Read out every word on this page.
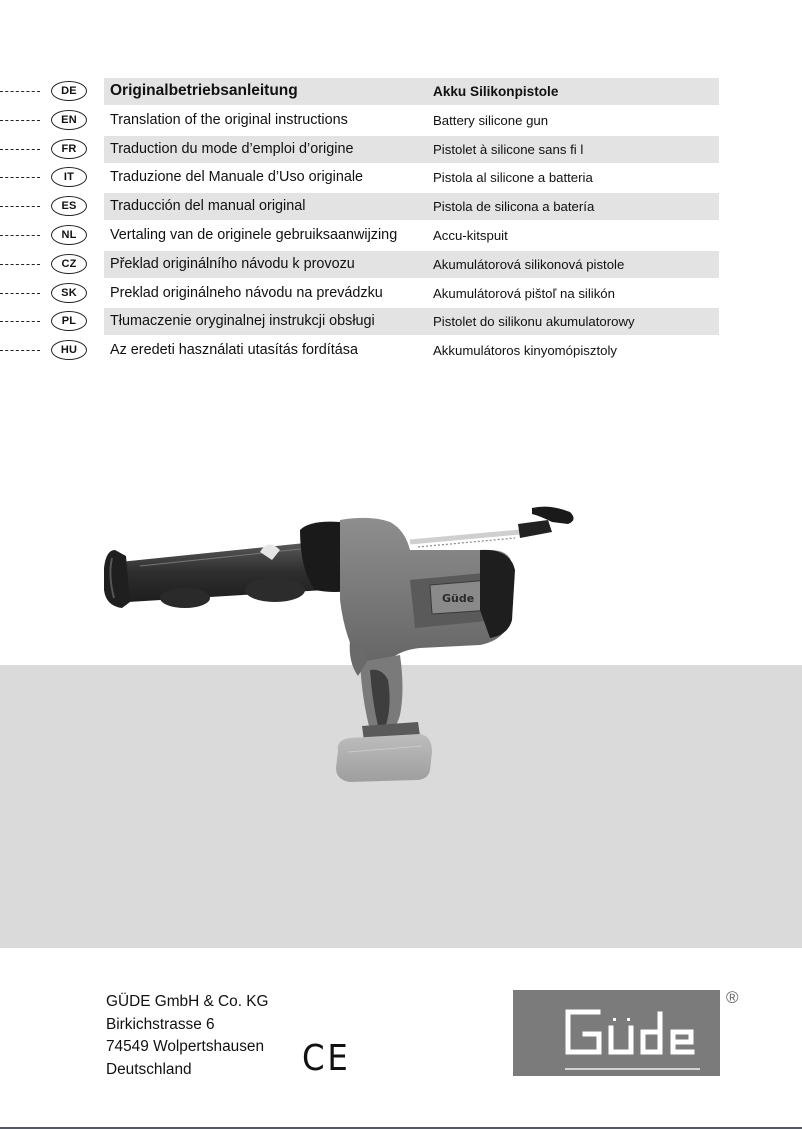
DE	Originalbetriebsanleitung	Akku Silikonpistole
EN	Translation of the original instructions	Battery silicone gun
FR	Traduction du mode d’emploi d’origine	Pistolet à silicone sans fi l
IT	Traduzione del Manuale d’Uso originale	Pistola al silicone a batteria
ES	Traducción del manual original	Pistola de silicona a batería
NL	Vertaling van de originele gebruiksaanwijzing	Accu-kitspuit
CZ	Překlad originálního návodu k provozu	Akumulátorová silikonová pistole
SK	Preklad originálneho návodu na prevádzku	Akumulátorová pištoľ na silikón
PL	Tłumaczenie oryginalnej instrukcji obsługi	Pistolet do silikonu akumulatorowy
HU	Az eredeti használati utasítás fordítása	Akkumulátoros kinyomópisztoly
Güde
GÜDE GmbH & Co. KG
Birkichstrasse 6
74549 Wolpertshausen
Deutschland	CE
®
